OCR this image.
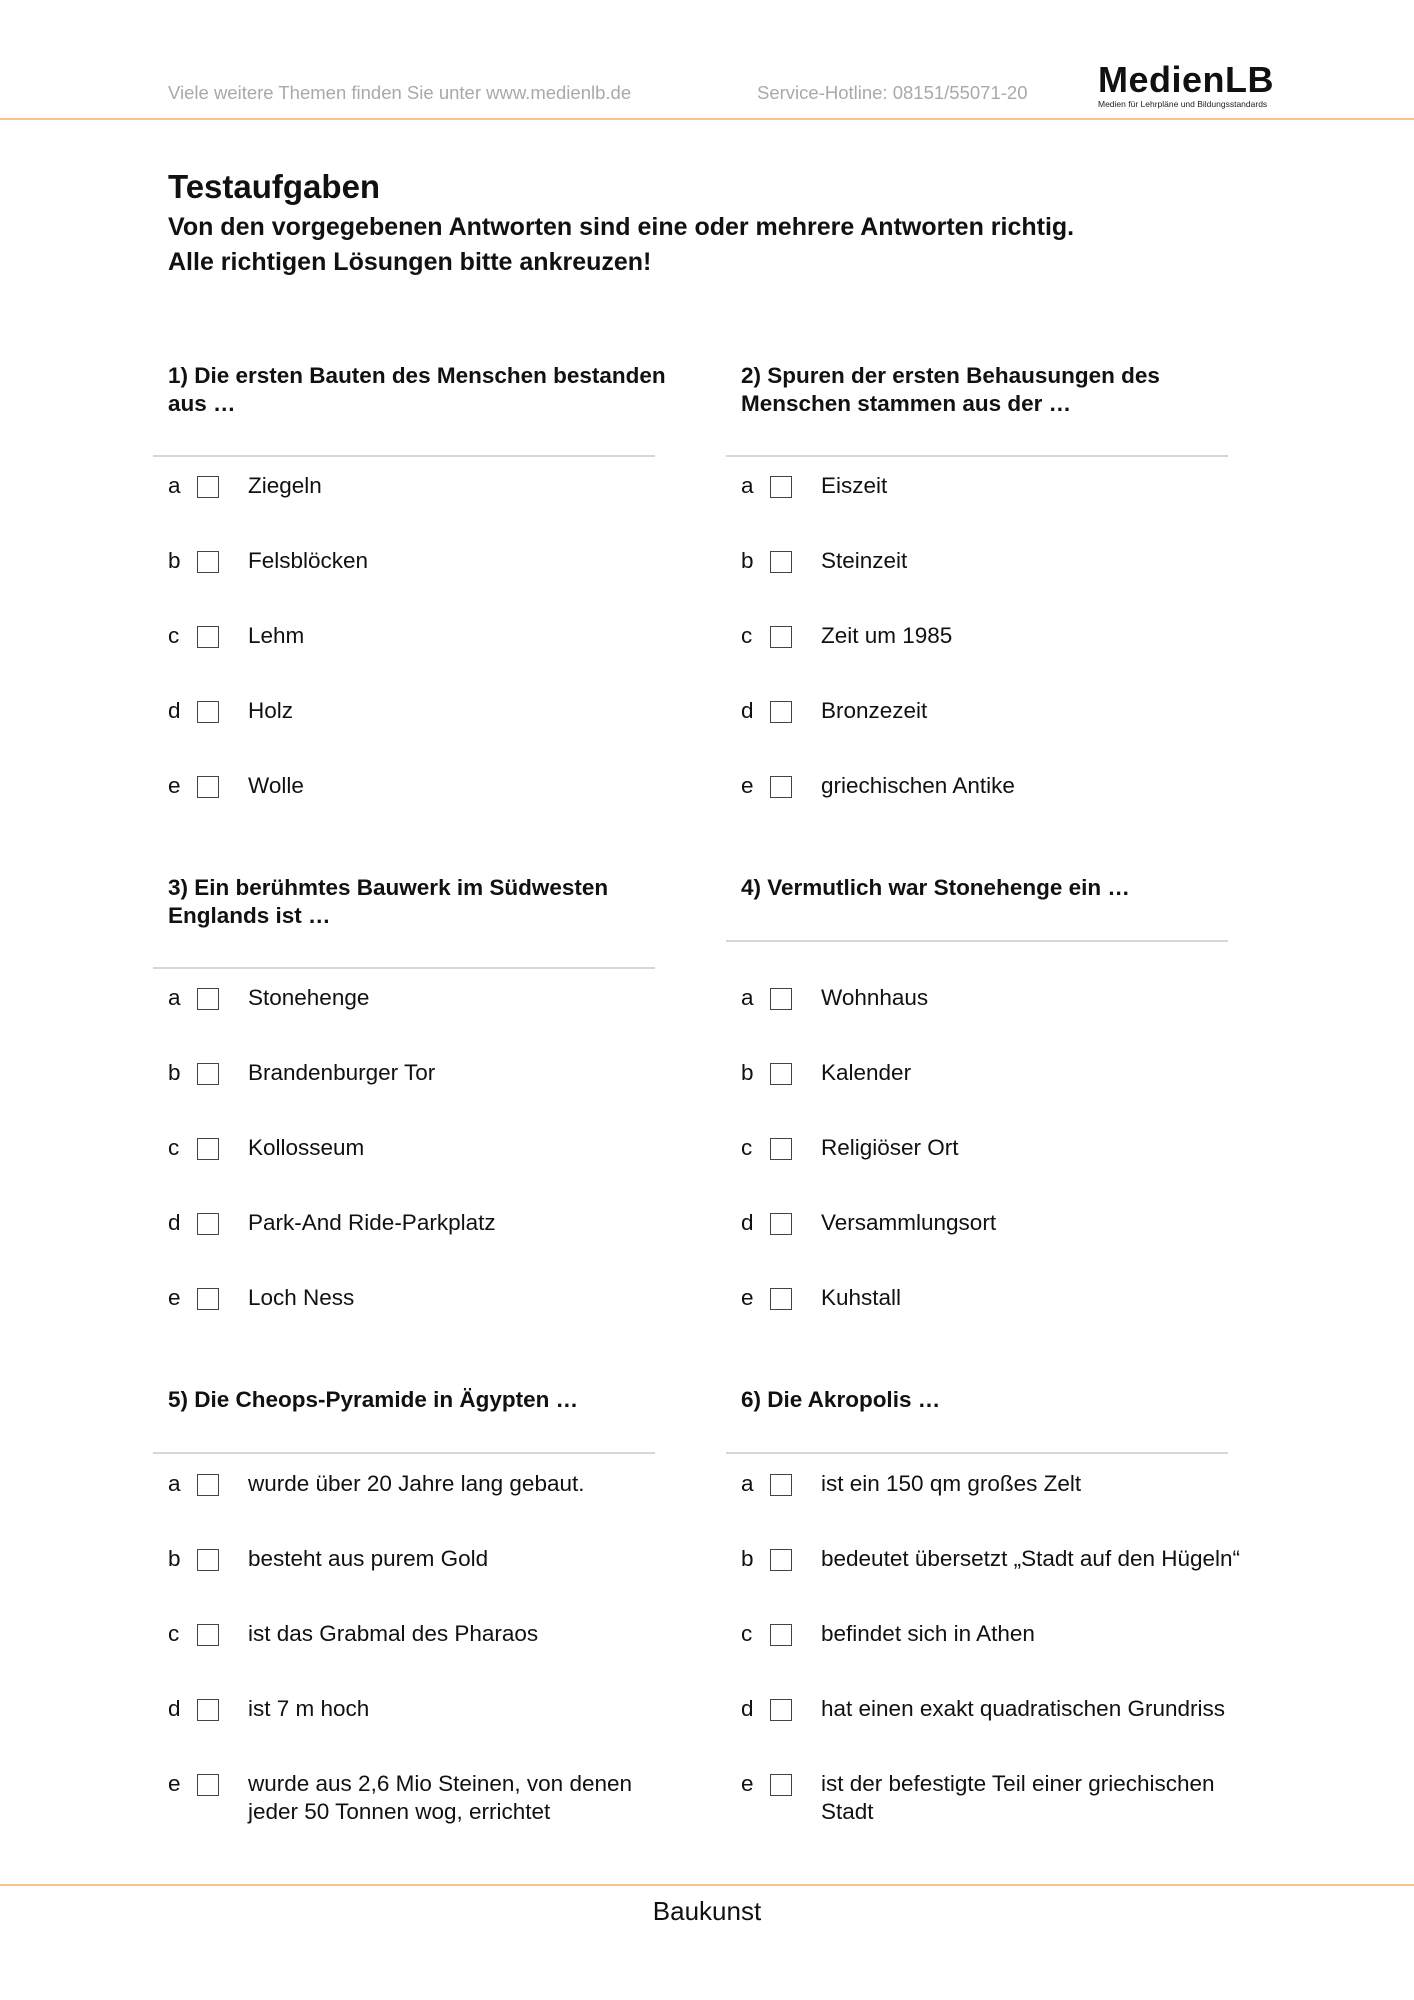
Viele weitere Themen finden Sie unter www.medienlb.de	Service-Hotline: 08151/55071-20 MedienLB
Medien für Lehrpläne und Bildungsstandards
Testaufgaben
Von den vorgegebenen Antworten sind eine oder mehrere Antworten richtig.
Alle richtigen Lösungen bitte ankreuzen!
1) Die ersten Bauten des Menschen bestanden aus …
a	Ziegeln
b	Felsblöcken
c	Lehm
d	Holz
e	Wolle
2) Spuren der ersten Behausungen des Menschen stammen aus der …
a	Eiszeit
b	Steinzeit
c	Zeit um 1985
d	Bronzezeit
e	griechischen Antike
3) Ein berühmtes Bauwerk im Südwesten Englands ist …
a	Stonehenge
b	Brandenburger Tor
c	Kollosseum
d	Park-And Ride-Parkplatz
e	Loch Ness
4) Vermutlich war Stonehenge ein …
a	Wohnhaus
b	Kalender
c	Religiöser Ort
d	Versammlungsort
e	Kuhstall
5) Die Cheops-Pyramide in Ägypten …
a	wurde über 20 Jahre lang gebaut.
b	besteht aus purem Gold
c	ist das Grabmal des Pharaos
d	ist 7 m hoch
e	wurde aus 2,6 Mio Steinen, von denen jeder 50 Tonnen wog, errichtet
6) Die Akropolis …
a	ist ein 150 qm großes Zelt
b	bedeutet übersetzt „Stadt auf den Hügeln“
c	befindet sich in Athen
d	hat einen exakt quadratischen Grundriss
e	ist der befestigte Teil einer griechischen Stadt
Baukunst
